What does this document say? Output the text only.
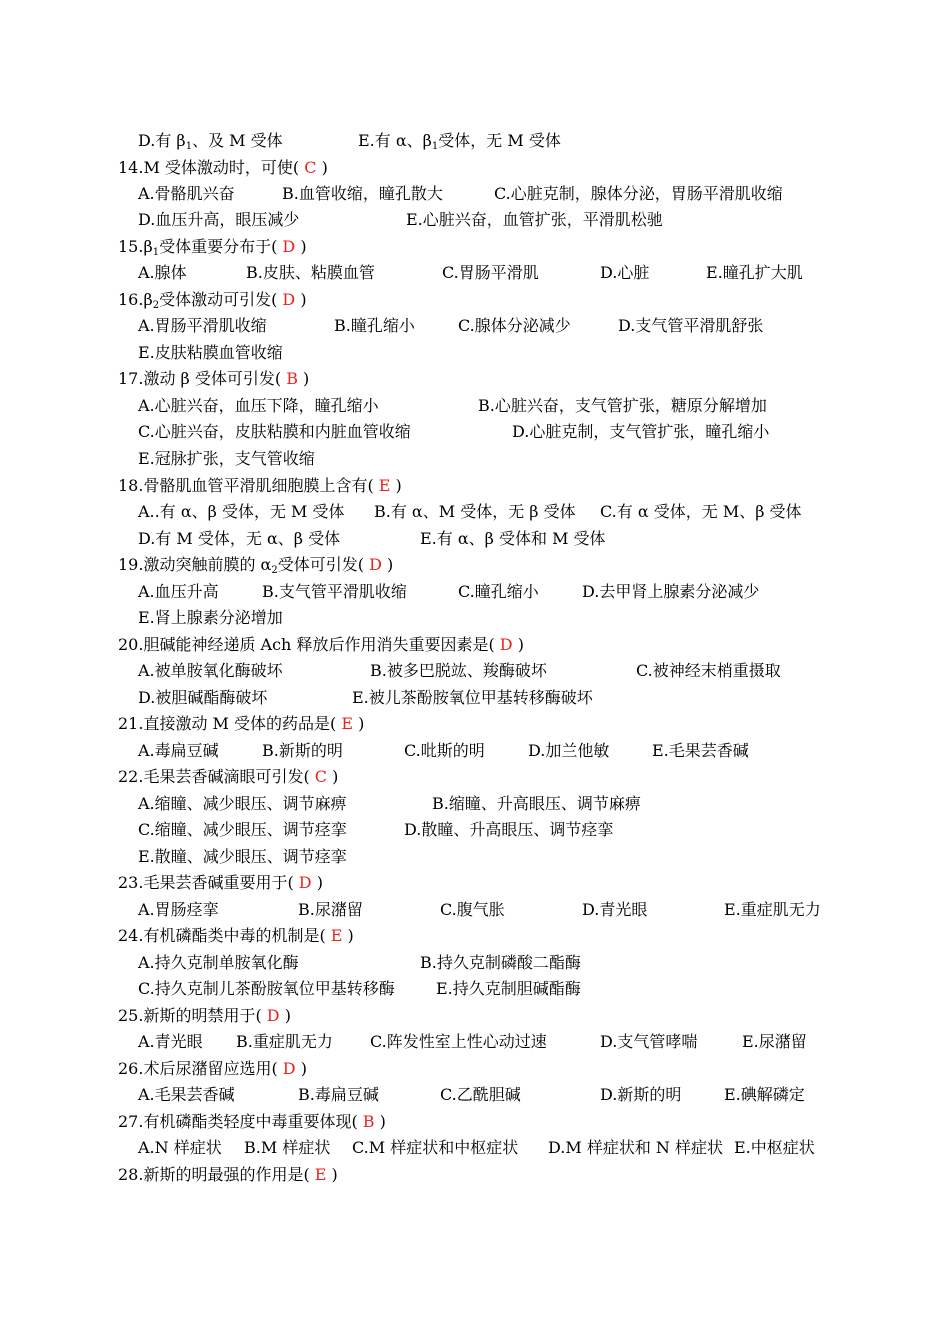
D.有 $\beta_1$、及 M 受体	E.有 α、$\beta_1$受体，无 M 受体
14.M 受体激动时，可使( C )
A.骨骼肌兴奋	B.血管收缩，瞳孔散大	C.心脏克制，腺体分泌，胃肠平滑肌收缩
D.血压升高，眼压减少	E.心脏兴奋，血管扩张，平滑肌松驰
$15.\beta_1$受体重要分布于( D )
A.腺体	B.皮肤、粘膜血管	C.胃肠平滑肌	D.心脏	E.瞳孔扩大肌
$16.\beta_2$受体激动可引发( D )
A.胃肠平滑肌收缩	B.瞳孔缩小	C.腺体分泌减少	D.支气管平滑肌舒张
E.皮肤粘膜血管收缩
17.激动 β 受体可引发( B )
A.心脏兴奋，血压下降，瞳孔缩小	B.心脏兴奋，支气管扩张，糖原分解增加
C.心脏兴奋，皮肤粘膜和内脏血管收缩	D.心脏克制，支气管扩张，瞳孔缩小
E.冠脉扩张，支气管收缩
18.骨骼肌血管平滑肌细胞膜上含有( E )
A..有 α、β 受体，无 M 受体 B.有 α、M 受体，无 β 受体 C.有 α 受体，无 M、β 受体
D.有 M 受体，无 α、β 受体	E.有 α、β 受体和 M 受体
19.激动突触前膜的 $\alpha_2$受体可引发( D )
A.血压升高	B.支气管平滑肌收缩	C.瞳孔缩小	D.去甲肾上腺素分泌减少
E.肾上腺素分泌增加
20.胆碱能神经递质 Ach 释放后作用消失重要因素是( D )
A.被单胺氧化酶破坏	B.被多巴脱竑、羧酶破坏	C.被神经末梢重摄取
D.被胆碱酯酶破坏	E.被儿茶酚胺氧位甲基转移酶破坏
21.直接激动 M 受体的药品是( E )
A.毒扁豆碱	B.新斯的明	C.吡斯的明	D.加兰他敏	E.毛果芸香碱
22.毛果芸香碱滴眼可引发( C )
A.缩瞳、减少眼压、调节麻痹	B.缩瞳、升高眼压、调节麻痹
C.缩瞳、减少眼压、调节痉挛	D.散瞳、升高眼压、调节痉挛
E.散瞳、减少眼压、调节痉挛
23.毛果芸香碱重要用于( D )
A.胃肠痉挛	B.尿潴留	C.腹气胀	D.青光眼	E.重症肌无力
24.有机磷酯类中毒的机制是( E )
A.持久克制单胺氧化酶	B.持久克制磷酸二酯酶
C.持久克制儿茶酚胺氧位甲基转移酶	E.持久克制胆碱酯酶
25.新斯的明禁用于( D )
A.青光眼 B.重症肌无力 C.阵发性室上性心动过速	D.支气管哮喘	E.尿潴留
26.术后尿潴留应选用( D )
A.毛果芸香碱	B.毒扁豆碱	C.乙酰胆碱	D.新斯的明	E.碘解磷定
27.有机磷酯类轻度中毒重要体现( B )
A.N 样症状 B.M 样症状 C.M 样症状和中枢症状 D.M 样症状和 N 样症状 E.中枢症状
28.新斯的明最强的作用是( E )
